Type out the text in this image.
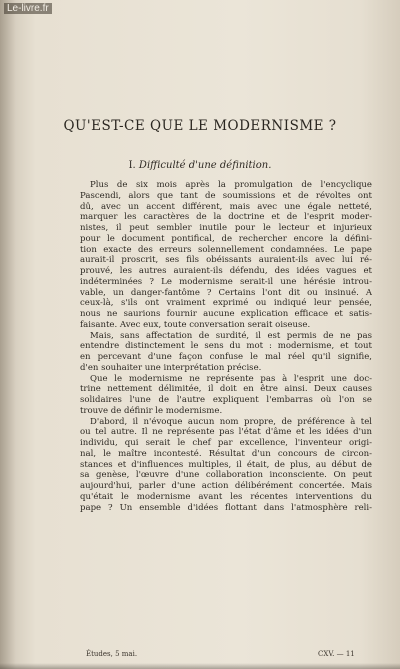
Le-livre.fr
QU'EST-CE QUE LE MODERNISME ?
I. Difficulté d'une définition.
Plus de six mois après la promulgation de l'encyclique
Pascendi, alors que tant de soumissions et de révoltes ont
dû, avec un accent différent, mais avec une égale netteté,
marquer les caractères de la doctrine et de l'esprit moder-
nistes, il peut sembler inutile pour le lecteur et injurieux
pour le document pontifical, de rechercher encore la défini-
tion exacte des erreurs solennellement condamnées. Le pape
aurait-il proscrit, ses fils obéissants auraient-ils avec lui ré-
prouvé, les autres auraient-ils défendu, des idées vagues et
indéterminées ? Le modernisme serait-il une hérésie introu-
vable, un danger-fantôme ? Certains l'ont dit ou insinué. A
ceux-là, s'ils ont vraiment exprimé ou indiqué leur pensée,
nous ne saurions fournir aucune explication efficace et satis-
faisante. Avec eux, toute conversation serait oiseuse.
Mais, sans affectation de surdité, il est permis de ne pas
entendre distinctement le sens du mot : modernisme, et tout
en percevant d'une façon confuse le mal réel qu'il signifie,
d'en souhaiter une interprétation précise.
Que le modernisme ne représente pas à l'esprit une doc-
trine nettement délimitée, il doit en être ainsi. Deux causes
solidaires l'une de l'autre expliquent l'embarras où l'on se
trouve de définir le modernisme.
D'abord, il n'évoque aucun nom propre, de préférence à tel
ou tel autre. Il ne représente pas l'état d'âme et les idées d'un
individu, qui serait le chef par excellence, l'inventeur origi-
nal, le maître incontesté. Résultat d'un concours de circon-
stances et d'influences multiples, il était, de plus, au début de
sa genèse, l'œuvre d'une collaboration inconsciente. On peut
aujourd'hui, parler d'une action délibérément concertée. Mais
qu'était le modernisme avant les récentes interventions du
pape ? Un ensemble d'idées flottant dans l'atmosphère reli-
Études, 5 mai.	CXV. — 11
